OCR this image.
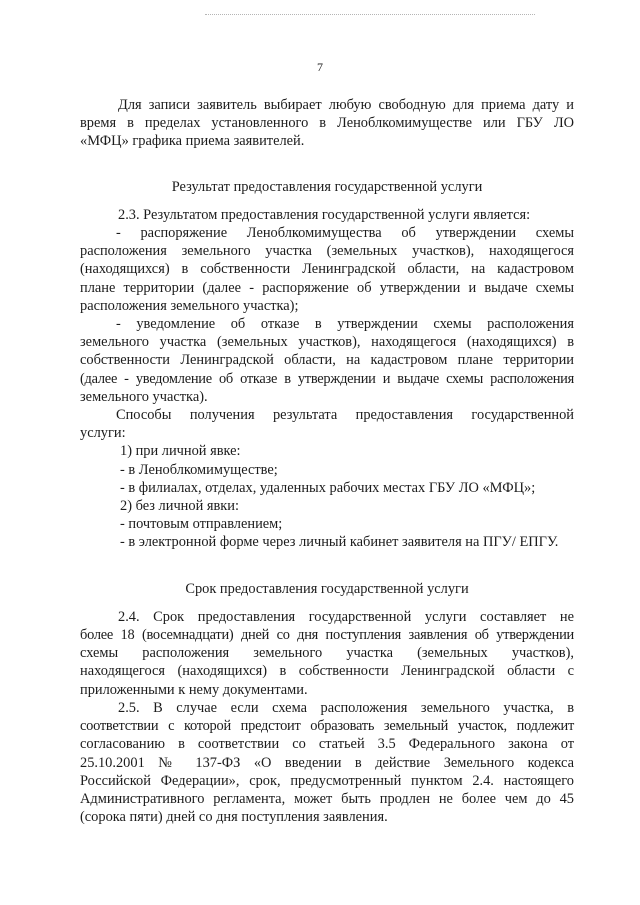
7

Для записи заявитель выбирает любую свободную для приема дату и

время в пределах установленного в Леноблкомимуществе или ГБУ ЛО

«МФЦ» графика приема заявителей.

Результат предоставления государственной услуги

2.3. Результатом предоставления государственной услуги является:

- распоряжение Леноблкомимущества об утверждении схемы

расположения земельного участка (земельных участков), находящегося

(находящихся) в собственности Ленинградской области, на кадастровом

плане территории (далее - распоряжение об утверждении и выдаче схемы

расположения земельного участка);

- уведомление об отказе в утверждении схемы расположения

земельного участка (земельных участков), находящегося (находящихся) в

собственности Ленинградской области, на кадастровом плане территории

(далее - уведомление об отказе в утверждении и выдаче схемы расположения

земельного участка).

Способы получения результата предоставления государственной

услуги:

1) при личной явке:

- в Леноблкомимуществе;

- в филиалах, отделах, удаленных рабочих местах ГБУ ЛО «МФЦ»;

2) без личной явки:

- почтовым отправлением;

- в электронной форме через личный кабинет заявителя на ПГУ/ ЕПГУ.

Срок предоставления государственной услуги

2.4. Срок предоставления государственной услуги составляет не

более 18 (восемнадцати) дней со дня поступления заявления об утверждении

схемы расположения земельного участка (земельных участков),

находящегося (находящихся) в собственности Ленинградской области с

приложенными к нему документами.

2.5. В случае если схема расположения земельного участка, в

соответствии с которой предстоит образовать земельный участок, подлежит

согласованию в соответствии со статьей 3.5 Федерального закона от

25.10.2001 № 137-ФЗ «О введении в действие Земельного кодекса

Российской Федерации», срок, предусмотренный пунктом 2.4. настоящего

Административного регламента, может быть продлен не более чем до 45

(сорока пяти) дней со дня поступления заявления.
